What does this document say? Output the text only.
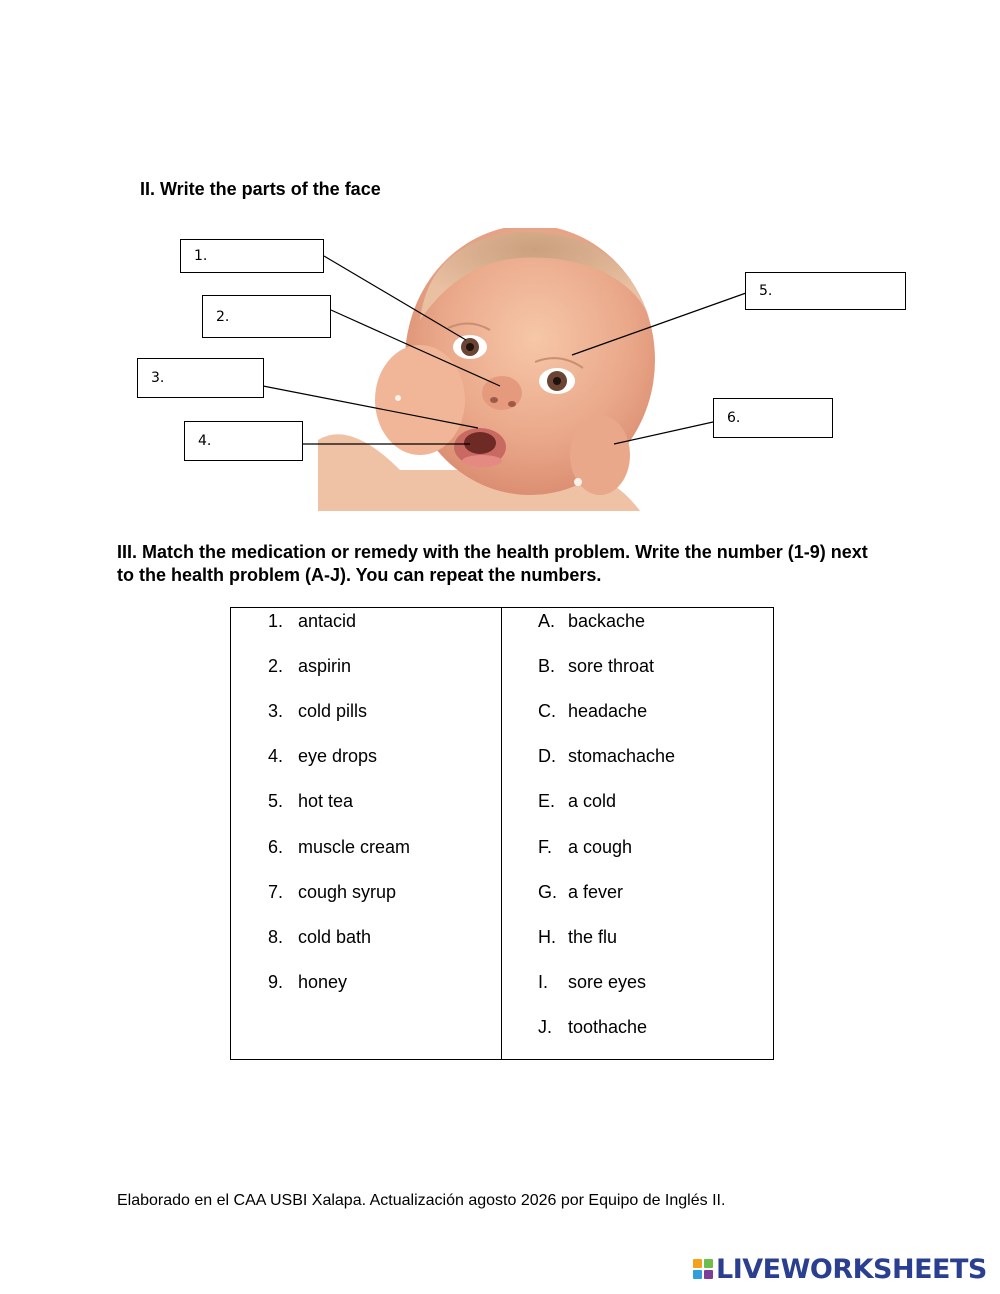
II. Write the parts of the face
1.
2.
3.
4.
5.
6.

III. Match the medication or remedy with the health problem. Write the number (1-9) next to the health problem (A-J). You can repeat the numbers.

1. antacid
2. aspirin
3. cold pills
4. eye drops
5. hot tea
6. muscle cream
7. cough syrup
8. cold bath
9. honey
A. backache
B. sore throat
C. headache
D. stomachache
E. a cold
F. a cough
G. a fever
H. the flu
I. sore eyes
J. toothache
Elaborado en el CAA USBI Xalapa. Actualización agosto 2026 por Equipo de Inglés II.
LIVEWORKSHEETS
